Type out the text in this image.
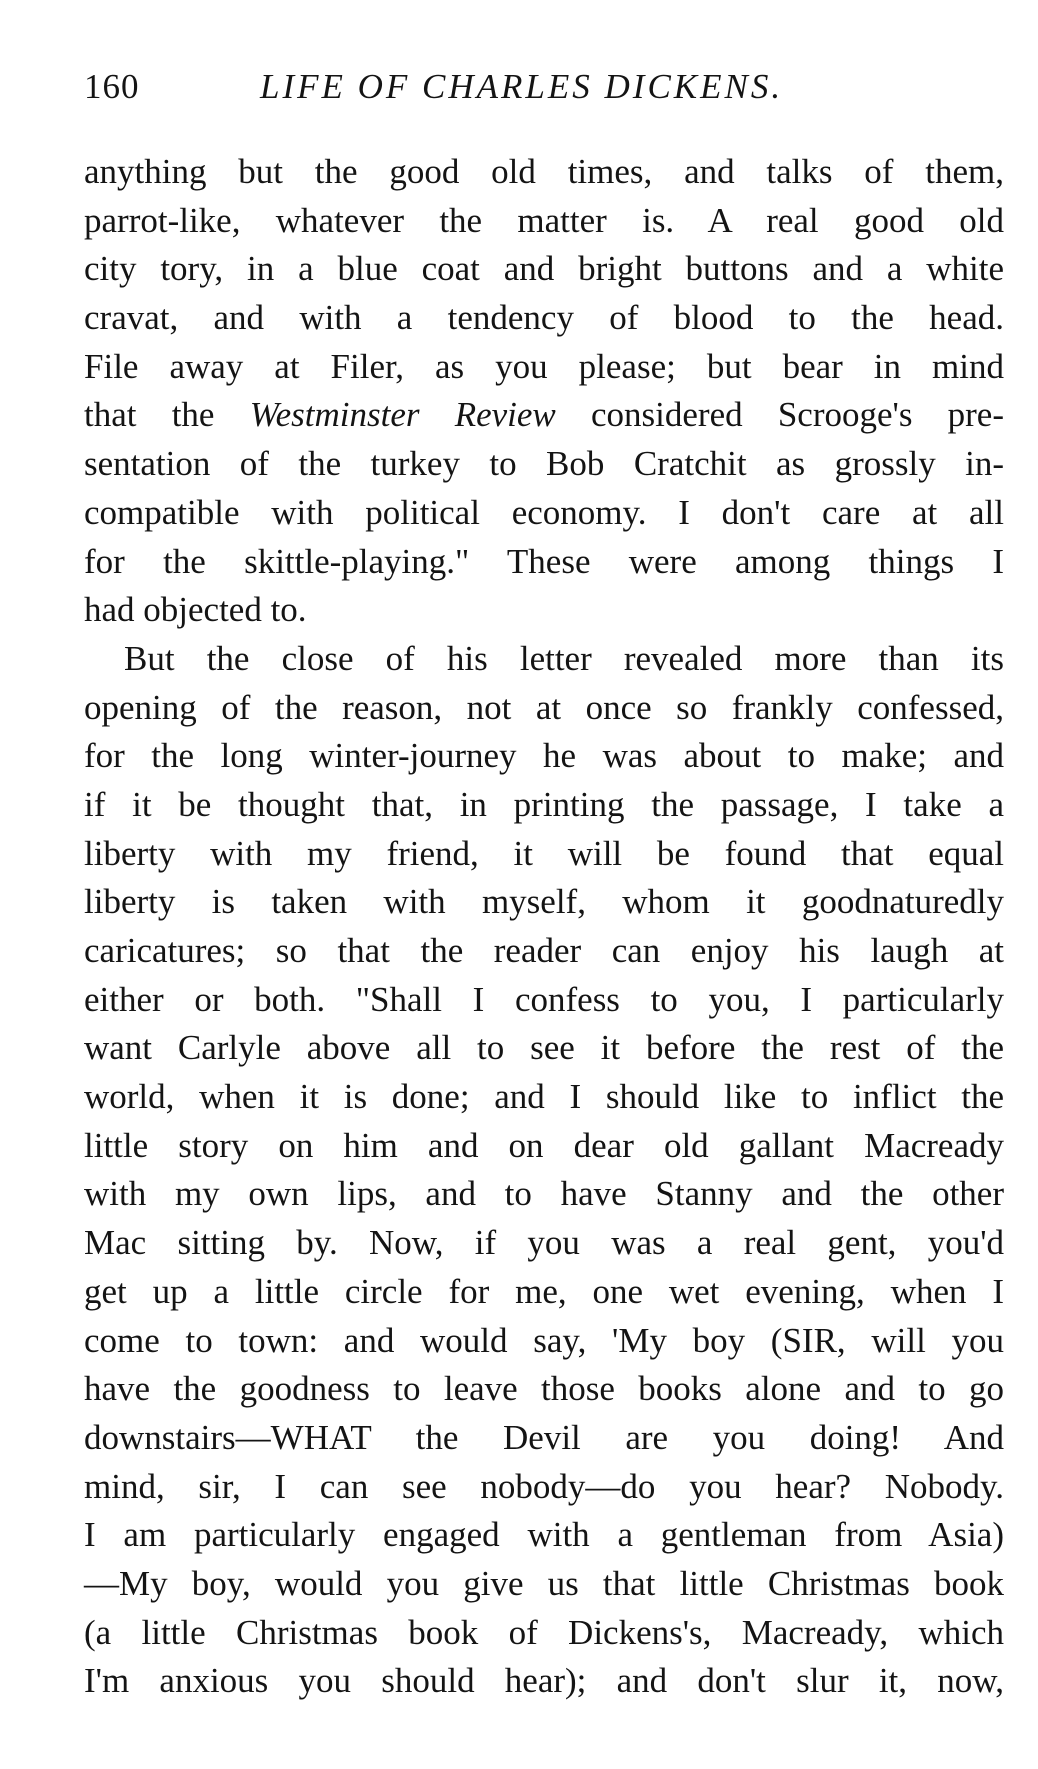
160	LIFE OF CHARLES DICKENS.
anything but the good old times, and talks of them,
parrot-like, whatever the matter is. A real good old
city tory, in a blue coat and bright buttons and a white
cravat, and with a tendency of blood to the head.
File away at Filer, as you please; but bear in mind
that the Westminster Review considered Scrooge's pre-
sentation of the turkey to Bob Cratchit as grossly in-
compatible with political economy. I don't care at all
for the skittle-playing." These were among things I
had objected to.
But the close of his letter revealed more than its
opening of the reason, not at once so frankly confessed,
for the long winter-journey he was about to make; and
if it be thought that, in printing the passage, I take a
liberty with my friend, it will be found that equal
liberty is taken with myself, whom it goodnaturedly
caricatures; so that the reader can enjoy his laugh at
either or both. "Shall I confess to you, I particularly
want Carlyle above all to see it before the rest of the
world, when it is done; and I should like to inflict the
little story on him and on dear old gallant Macready
with my own lips, and to have Stanny and the other
Mac sitting by. Now, if you was a real gent, you'd
get up a little circle for me, one wet evening, when I
come to town: and would say, 'My boy (SIR, will you
have the goodness to leave those books alone and to go
downstairs—WHAT the Devil are you doing! And
mind, sir, I can see nobody—do you hear? Nobody.
I am particularly engaged with a gentleman from Asia)
—My boy, would you give us that little Christmas book
(a little Christmas book of Dickens's, Macready, which
I'm anxious you should hear); and don't slur it, now,
